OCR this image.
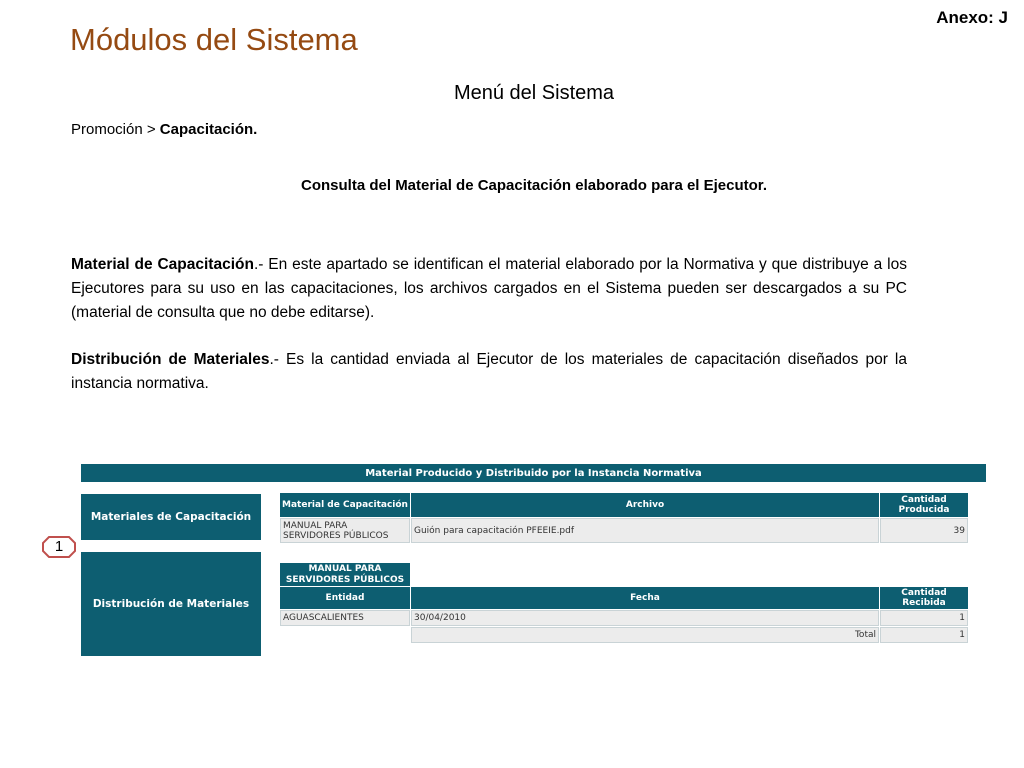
Anexo: J
Módulos del Sistema
Menú del Sistema
Promoción > Capacitación.
Consulta del Material de Capacitación elaborado para el Ejecutor.
Material de Capacitación.- En este apartado se identifican el material elaborado por la Normativa y que distribuye a los Ejecutores para su uso en las capacitaciones, los archivos cargados en el Sistema pueden ser descargados a su PC (material de consulta que no debe editarse).
Distribución de Materiales.- Es la cantidad enviada al Ejecutor de los materiales de capacitación diseñados por la instancia normativa.
Material Producido y Distribuido por la Instancia Normativa
Materiales de Capacitación
Distribución de Materiales
Material de Capacitación	Archivo	Cantidad Producida
MANUAL PARA SERVIDORES PÚBLICOS	Guión para capacitación PFEEIE.pdf	39
MANUAL PARA SERVIDORES PÚBLICOS
Entidad	Fecha	Cantidad Recibida
AGUASCALIENTES	30/04/2010	1
	Total	1
1
